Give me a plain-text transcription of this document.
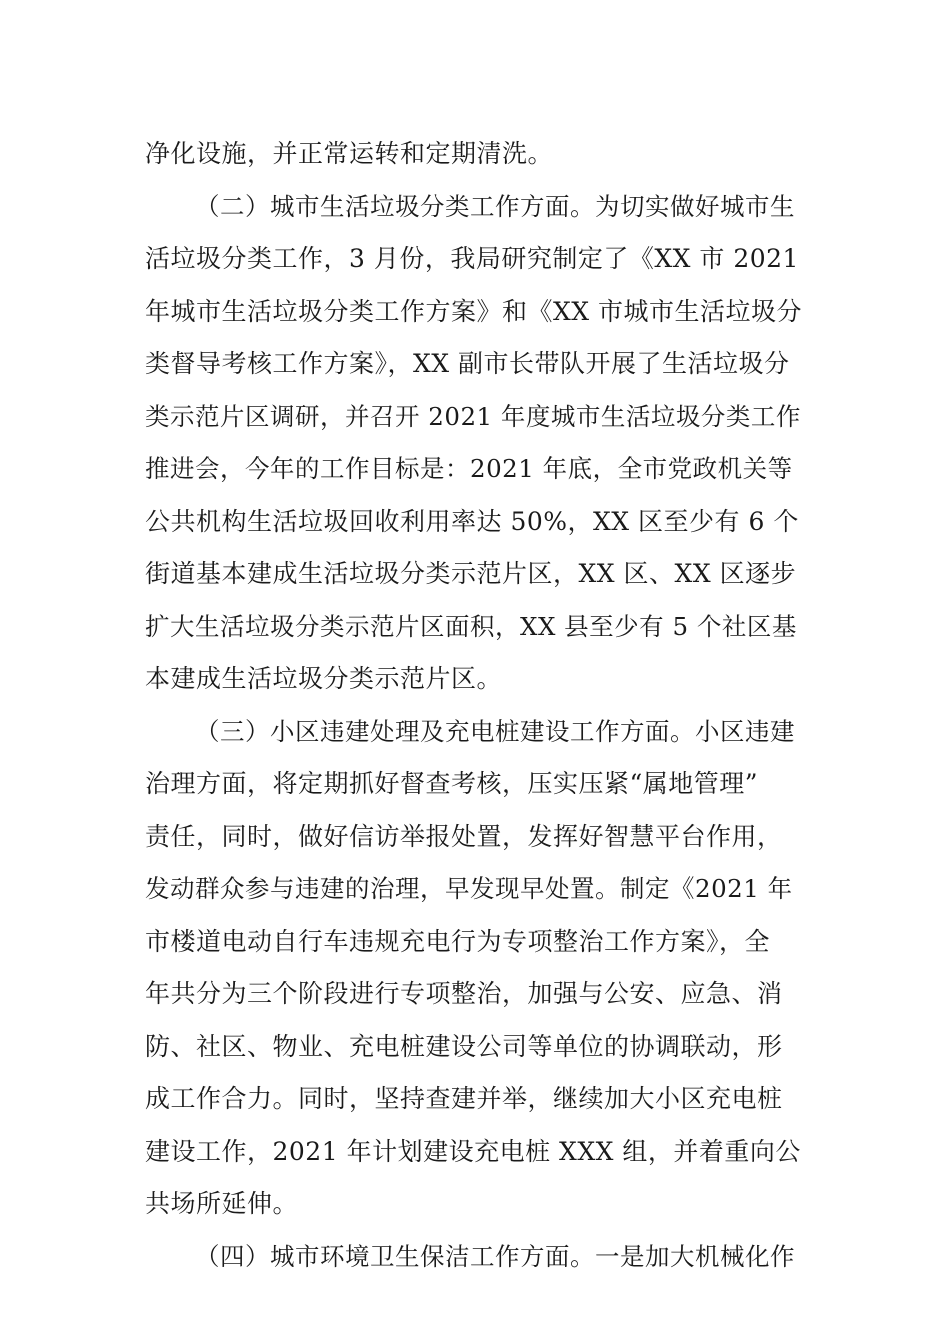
净化设施，并正常运转和定期清洗。
（二）城市生活垃圾分类工作方面。为切实做好城市生
活垃圾分类工作，3 月份，我局研究制定了《XX 市 2021
年城市生活垃圾分类工作方案》和《XX 市城市生活垃圾分
类督导考核工作方案》，XX 副市长带队开展了生活垃圾分
类示范片区调研，并召开 2021 年度城市生活垃圾分类工作
推进会，今年的工作目标是：2021 年底，全市党政机关等
公共机构生活垃圾回收利用率达 50%，XX 区至少有 6 个
街道基本建成生活垃圾分类示范片区，XX 区、XX 区逐步
扩大生活垃圾分类示范片区面积，XX 县至少有 5 个社区基
本建成生活垃圾分类示范片区。
（三）小区违建处理及充电桩建设工作方面。小区违建
治理方面，将定期抓好督查考核，压实压紧“属地管理”
责任，同时，做好信访举报处置，发挥好智慧平台作用，
发动群众参与违建的治理，早发现早处置。制定《2021 年
市楼道电动自行车违规充电行为专项整治工作方案》，全
年共分为三个阶段进行专项整治，加强与公安、应急、消
防、社区、物业、充电桩建设公司等单位的协调联动，形
成工作合力。同时，坚持查建并举，继续加大小区充电桩
建设工作，2021 年计划建设充电桩 XXX 组，并着重向公
共场所延伸。
（四）城市环境卫生保洁工作方面。一是加大机械化作
